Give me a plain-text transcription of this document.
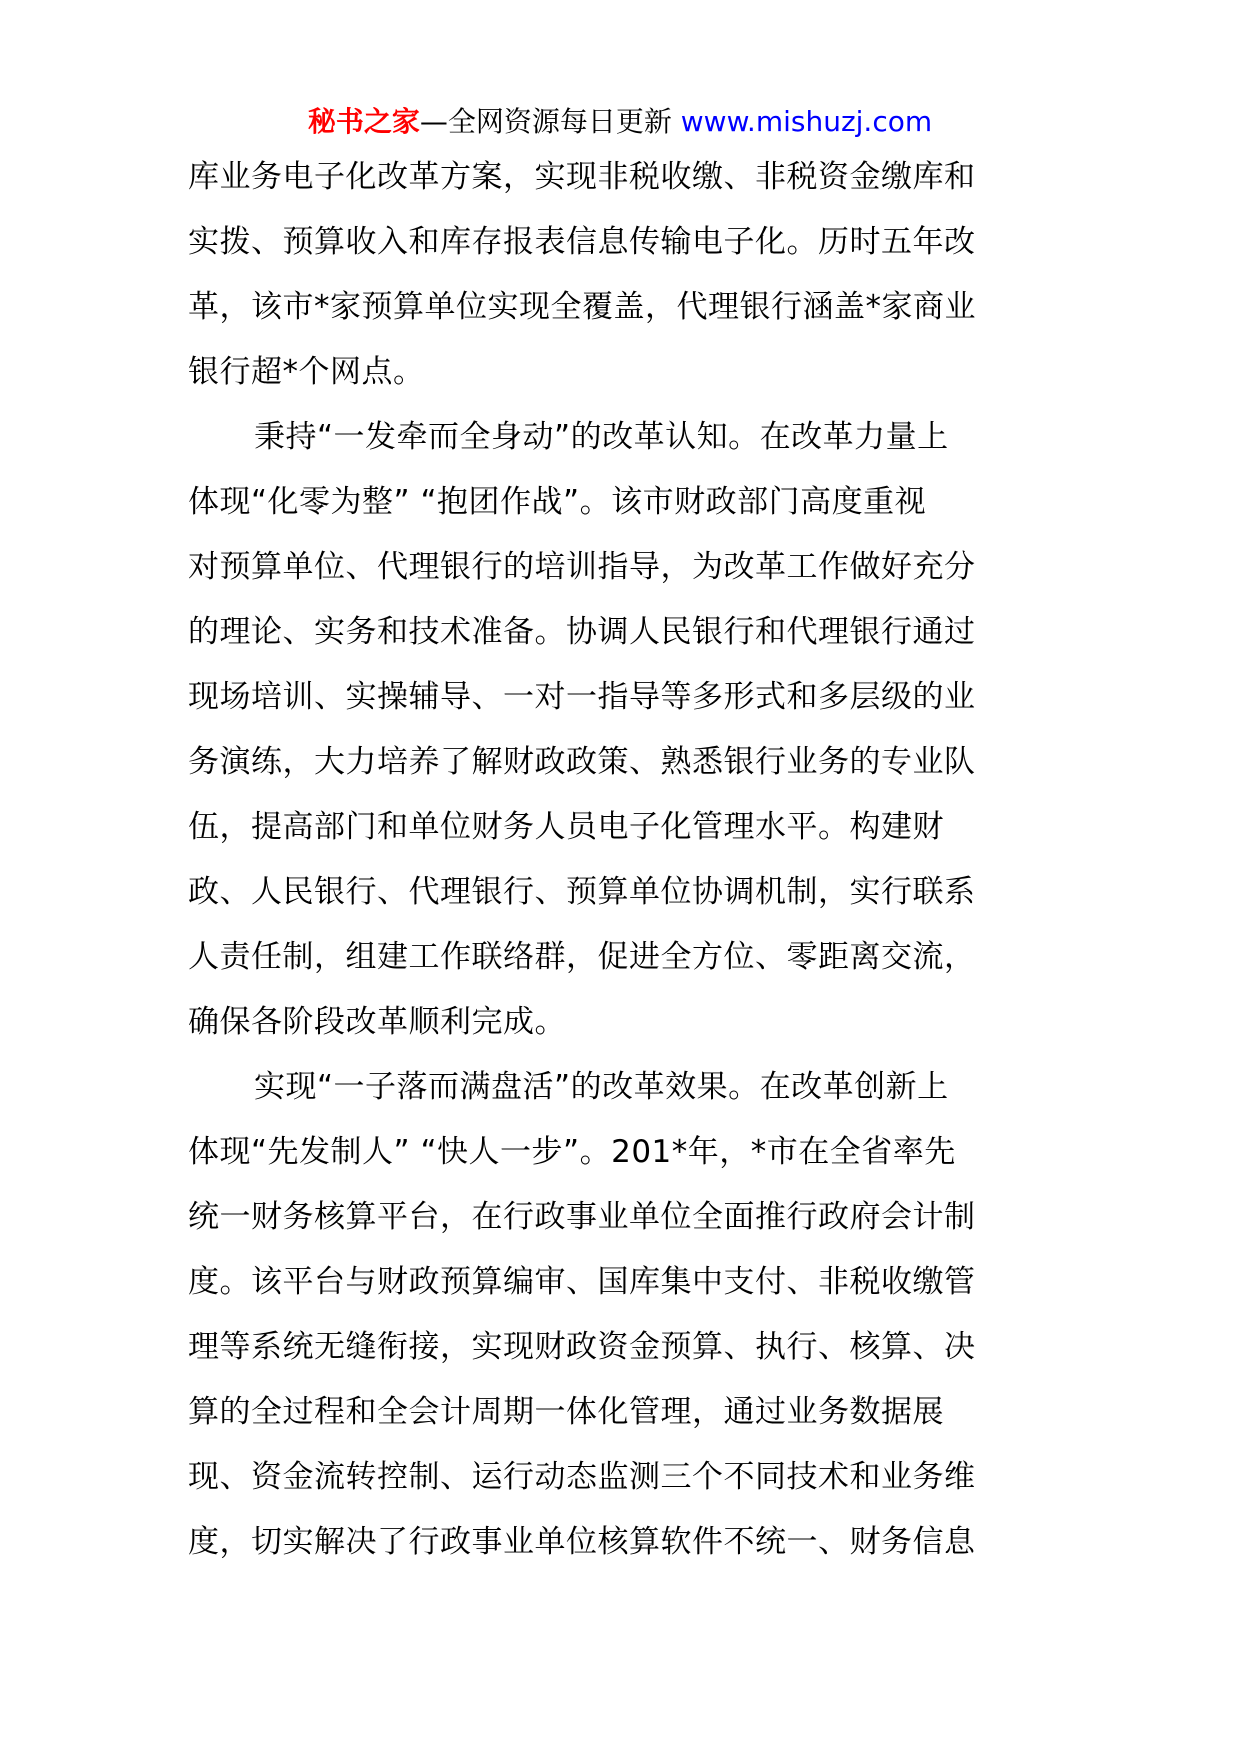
秘书之家—全网资源每日更新 www.mishuzj.com
库业务电子化改革方案，实现非税收缴、非税资金缴库和
实拨、预算收入和库存报表信息传输电子化。历时五年改
革，该市*家预算单位实现全覆盖，代理银行涵盖*家商业
银行超*个网点。
秉持“一发牵而全身动”的改革认知。在改革力量上
体现“化零为整” “抱团作战”。该市财政部门高度重视
对预算单位、代理银行的培训指导，为改革工作做好充分
的理论、实务和技术准备。协调人民银行和代理银行通过
现场培训、实操辅导、一对一指导等多形式和多层级的业
务演练，大力培养了解财政政策、熟悉银行业务的专业队
伍，提高部门和单位财务人员电子化管理水平。构建财
政、人民银行、代理银行、预算单位协调机制，实行联系
人责任制，组建工作联络群，促进全方位、零距离交流，
确保各阶段改革顺利完成。
实现“一子落而满盘活”的改革效果。在改革创新上
体现“先发制人” “快人一步”。201*年，*市在全省率先
统一财务核算平台，在行政事业单位全面推行政府会计制
度。该平台与财政预算编审、国库集中支付、非税收缴管
理等系统无缝衔接，实现财政资金预算、执行、核算、决
算的全过程和全会计周期一体化管理，通过业务数据展
现、资金流转控制、运行动态监测三个不同技术和业务维
度，切实解决了行政事业单位核算软件不统一、财务信息
